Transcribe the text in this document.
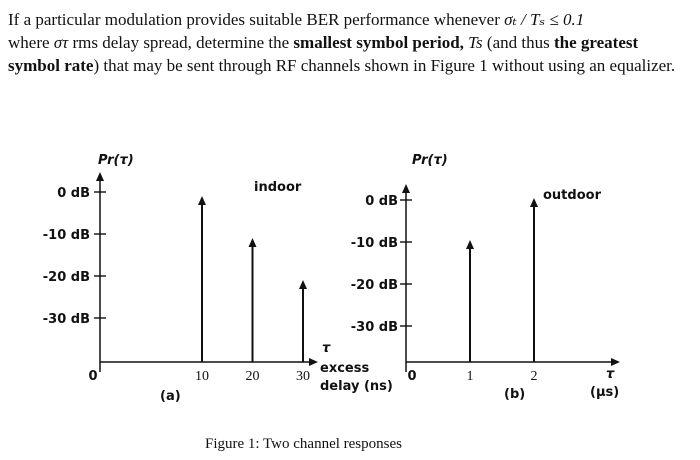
If a particular modulation provides suitable BER performance whenever σₜ / Tₛ ≤ 0.1

where στ rms delay spread, determine the smallest symbol period, Ts (and thus the greatest symbol rate) that may be sent through RF channels shown in Figure 1 without using an equalizer.

Pr(τ)
indoor
0 dB
-10 dB
-20 dB
-30 dB
0	10	20	30
τ
excess
delay (ns)
(a)
Pr(τ)
outdoor
0 dB
-10 dB
-20 dB
-30 dB
0	1	2	τ
(μs)
(b)
Figure 1: Two channel responses
